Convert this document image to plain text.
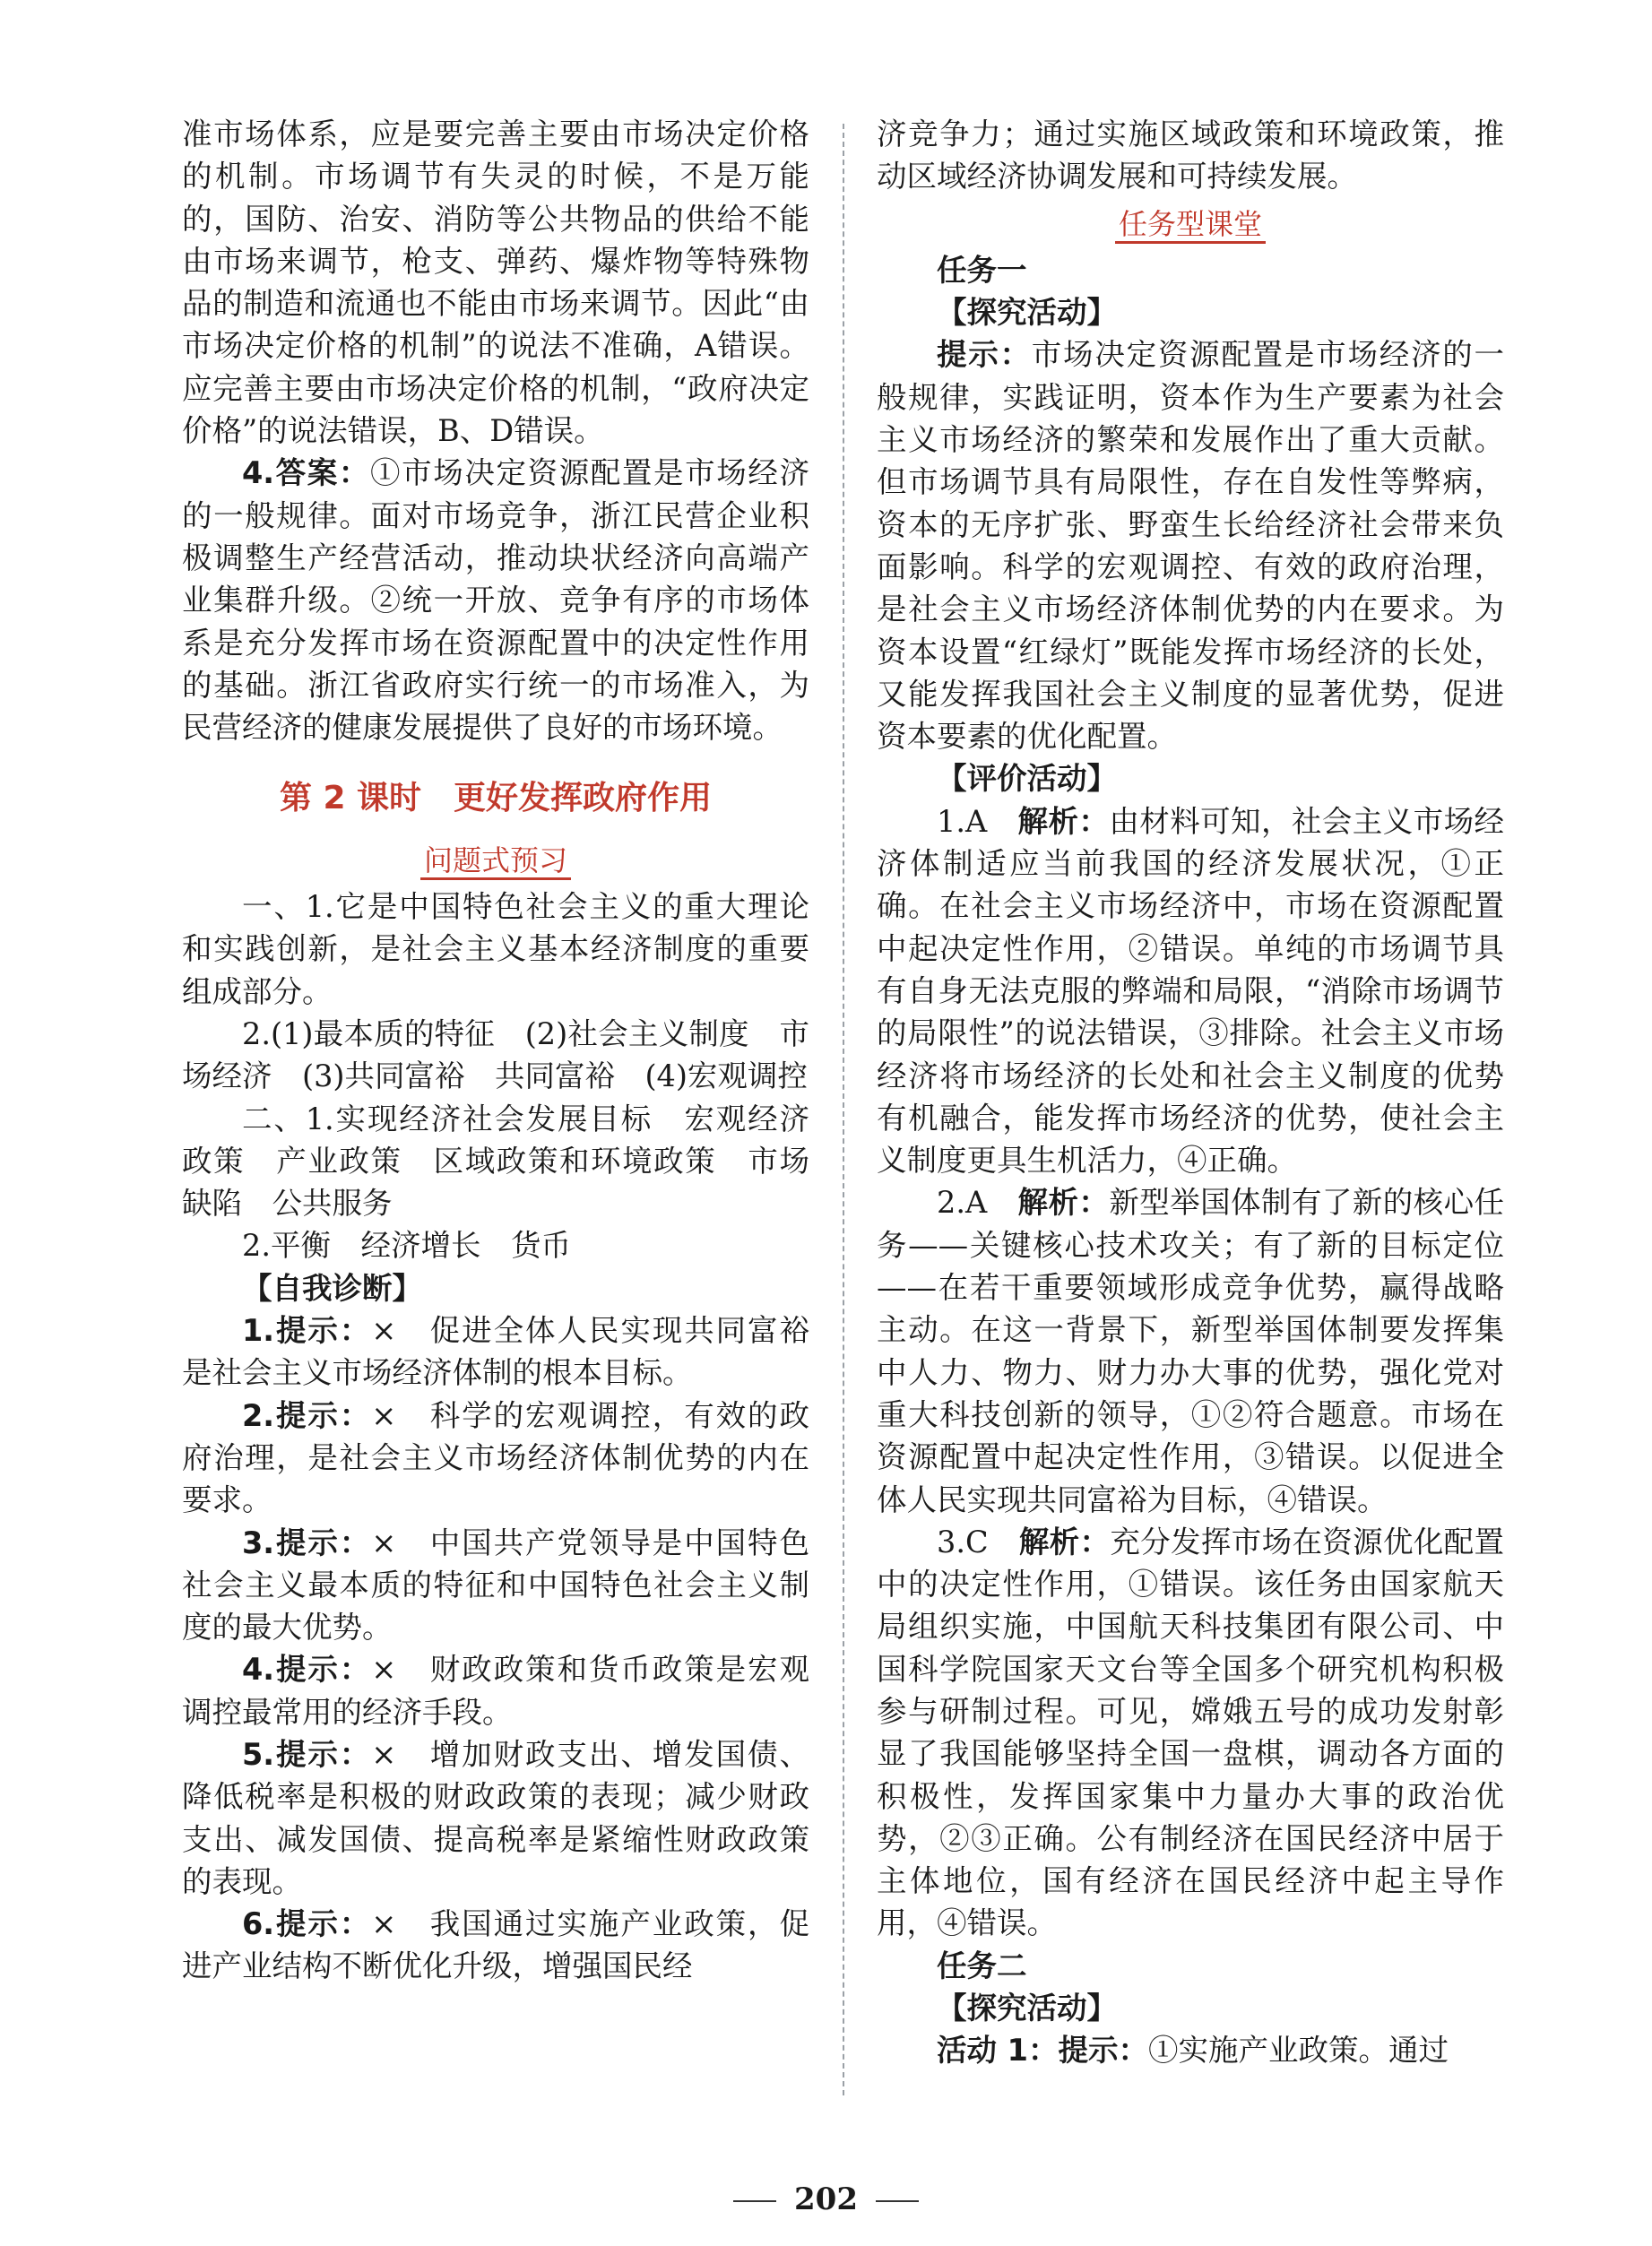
准市场体系，应是要完善主要由市场决定价格的机制。市场调节有失灵的时候，不是万能的，国防、治安、消防等公共物品的供给不能由市场来调节，枪支、弹药、爆炸物等特殊物品的制造和流通也不能由市场来调节。因此“由市场决定价格的机制”的说法不准确，A错误。应完善主要由市场决定价格的机制，“政府决定价格”的说法错误，B、D错误。

4.答案：①市场决定资源配置是市场经济的一般规律。面对市场竞争，浙江民营企业积极调整生产经营活动，推动块状经济向高端产业集群升级。②统一开放、竞争有序的市场体系是充分发挥市场在资源配置中的决定性作用的基础。浙江省政府实行统一的市场准入，为民营经济的健康发展提供了良好的市场环境。

第 2 课时　更好发挥政府作用
问题式预习

一、1.它是中国特色社会主义的重大理论和实践创新，是社会主义基本经济制度的重要组成部分。

2.(1)最本质的特征　(2)社会主义制度　市场经济　(3)共同富裕　共同富裕　(4)宏观调控

二、1.实现经济社会发展目标　宏观经济政策　产业政策　区域政策和环境政策　市场缺陷　公共服务

2.平衡　经济增长　货币

【自我诊断】

1.提示：×　促进全体人民实现共同富裕是社会主义市场经济体制的根本目标。

2.提示：×　科学的宏观调控，有效的政府治理，是社会主义市场经济体制优势的内在要求。

3.提示：×　中国共产党领导是中国特色社会主义最本质的特征和中国特色社会主义制度的最大优势。

4.提示：×　财政政策和货币政策是宏观调控最常用的经济手段。

5.提示：×　增加财政支出、增发国债、降低税率是积极的财政政策的表现；减少财政支出、减发国债、提高税率是紧缩性财政政策的表现。

6.提示：×　我国通过实施产业政策，促进产业结构不断优化升级，增强国民经

济竞争力；通过实施区域政策和环境政策，推动区域经济协调发展和可持续发展。

任务型课堂

任务一

【探究活动】

提示：市场决定资源配置是市场经济的一般规律，实践证明，资本作为生产要素为社会主义市场经济的繁荣和发展作出了重大贡献。但市场调节具有局限性，存在自发性等弊病，资本的无序扩张、野蛮生长给经济社会带来负面影响。科学的宏观调控、有效的政府治理，是社会主义市场经济体制优势的内在要求。为资本设置“红绿灯”既能发挥市场经济的长处，又能发挥我国社会主义制度的显著优势，促进资本要素的优化配置。

【评价活动】

1.A　 解析：由材料可知，社会主义市场经济体制适应当前我国的经济发展状况，①正确。在社会主义市场经济中，市场在资源配置中起决定性作用，②错误。单纯的市场调节具有自身无法克服的弊端和局限，“消除市场调节的局限性”的说法错误，③排除。社会主义市场经济将市场经济的长处和社会主义制度的优势有机融合，能发挥市场经济的优势，使社会主义制度更具生机活力，④正确。

2.A　 解析：新型举国体制有了新的核心任务——关键核心技术攻关；有了新的目标定位——在若干重要领域形成竞争优势，赢得战略主动。在这一背景下，新型举国体制要发挥集中人力、物力、财力办大事的优势，强化党对重大科技创新的领导，①②符合题意。市场在资源配置中起决定性作用，③错误。以促进全体人民实现共同富裕为目标，④错误。

3.C　 解析：充分发挥市场在资源优化配置中的决定性作用，①错误。该任务由国家航天局组织实施，中国航天科技集团有限公司、中国科学院国家天文台等全国多个研究机构积极参与研制过程。可见，嫦娥五号的成功发射彰显了我国能够坚持全国一盘棋，调动各方面的积极性，发挥国家集中力量办大事的政治优势，②③正确。公有制经济在国民经济中居于主体地位，国有经济在国民经济中起主导作用，④错误。

任务二

【探究活动】

活动 1：提示：①实施产业政策。通过

202
